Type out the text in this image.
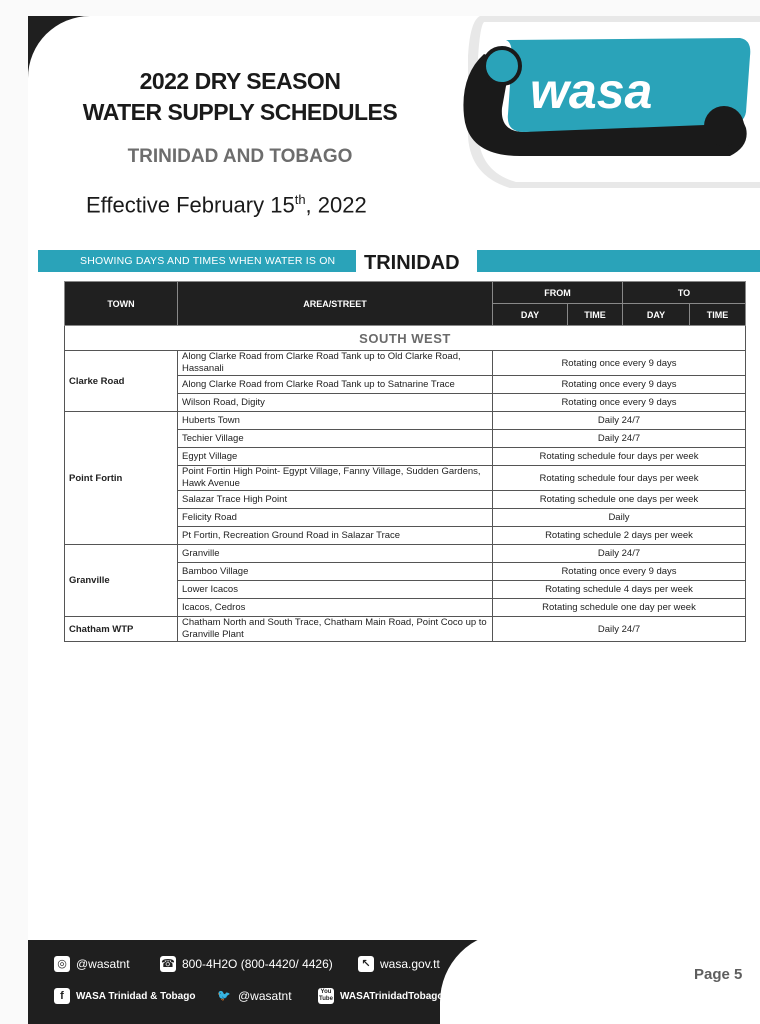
2022 DRY SEASON
WATER SUPPLY SCHEDULES
TRINIDAD AND TOBAGO
Effective February 15th, 2022
wasa
SHOWING DAYS AND TIMES WHEN WATER IS ON	TRINIDAD
TOWN	AREA/STREET	FROM		TO	
		DAY	TIME	DAY	TIME
SOUTH WEST					
Clarke Road	Along Clarke Road from Clarke Road Tank up to Old Clarke Road, Hassanali	Rotating once every 9 days			
	Along Clarke Road from Clarke Road Tank up to Satnarine Trace	Rotating once every 9 days			
	Wilson Road, Digity	Rotating once every 9 days			
Point Fortin	Huberts Town	Daily 24/7			
	Techier Village	Daily 24/7			
	Egypt Village	Rotating schedule four days per week			
	Point Fortin High Point- Egypt Village, Fanny Village, Sudden Gardens, Hawk Avenue	Rotating schedule four days per week			
	Salazar Trace High Point	Rotating schedule one days per week			
	Felicity Road	Daily			
	Pt Fortin, Recreation Ground Road in Salazar Trace	Rotating schedule 2 days per week			
Granville	Granville	Daily 24/7			
	Bamboo Village	Rotating once every 9 days			
	Lower Icacos	Rotating schedule 4 days per week			
	Icacos, Cedros	Rotating schedule one day per week			
Chatham WTP	Chatham North and South Trace, Chatham Main Road, Point Coco up to Granville Plant	Daily 24/7			
◎ @wasatnt	☎ 800-4H2O (800-4420/ 4426)	↖ wasa.gov.tt
f	WASA Trinidad & Tobago 🐦 @wasatnt	You Tube WASATrinidadTobago
Page 5
